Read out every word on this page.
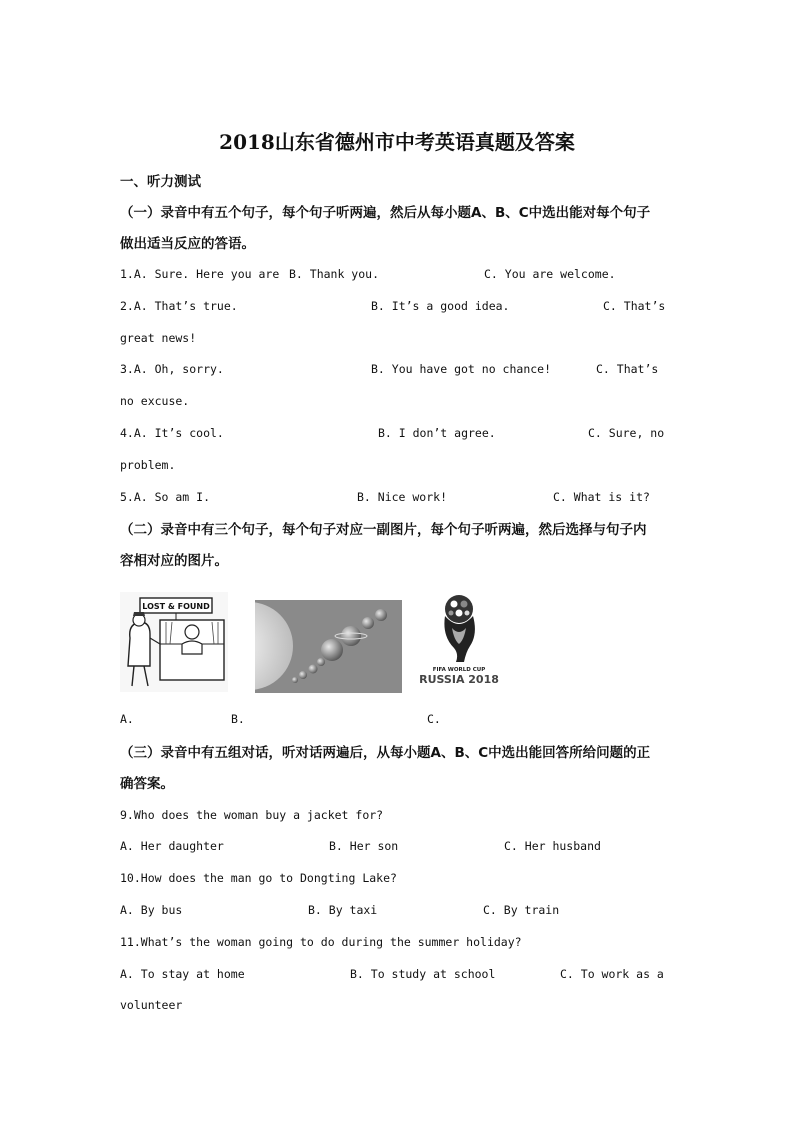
2018山东省德州市中考英语真题及答案
一、听力测试
（一）录音中有五个句子，每个句子听两遍，然后从每小题A、B、C中选出能对每个句子
做出适当反应的答语。
1.A. Sure. Here you are B. Thank you.	C. You are welcome.
2.A. That’s true.	B. It’s a good idea.	C. That’s
great news!
3.A. Oh, sorry.	B. You have got no chance!	C. That’s
no excuse.
4.A. It’s cool.	B. I don’t agree.	C. Sure, no
problem.
5.A. So am I.	B. Nice work!	C. What is it?
（二）录音中有三个句子，每个句子对应一副图片，每个句子听两遍，然后选择与句子内
容相对应的图片。
LOST & FOUND
FIFA WORLD CUP
RUSSIA 2018
A.	B.	C.
（三）录音中有五组对话，听对话两遍后，从每小题A、B、C中选出能回答所给问题的正
确答案。
9.Who does the woman buy a jacket for?
A. Her daughter	B. Her son	C. Her husband
10.How does the man go to Dongting Lake?
A. By bus	B. By taxi	C. By train
11.What’s the woman going to do during the summer holiday?
A. To stay at home	B. To study at school	C. To work as a
volunteer
